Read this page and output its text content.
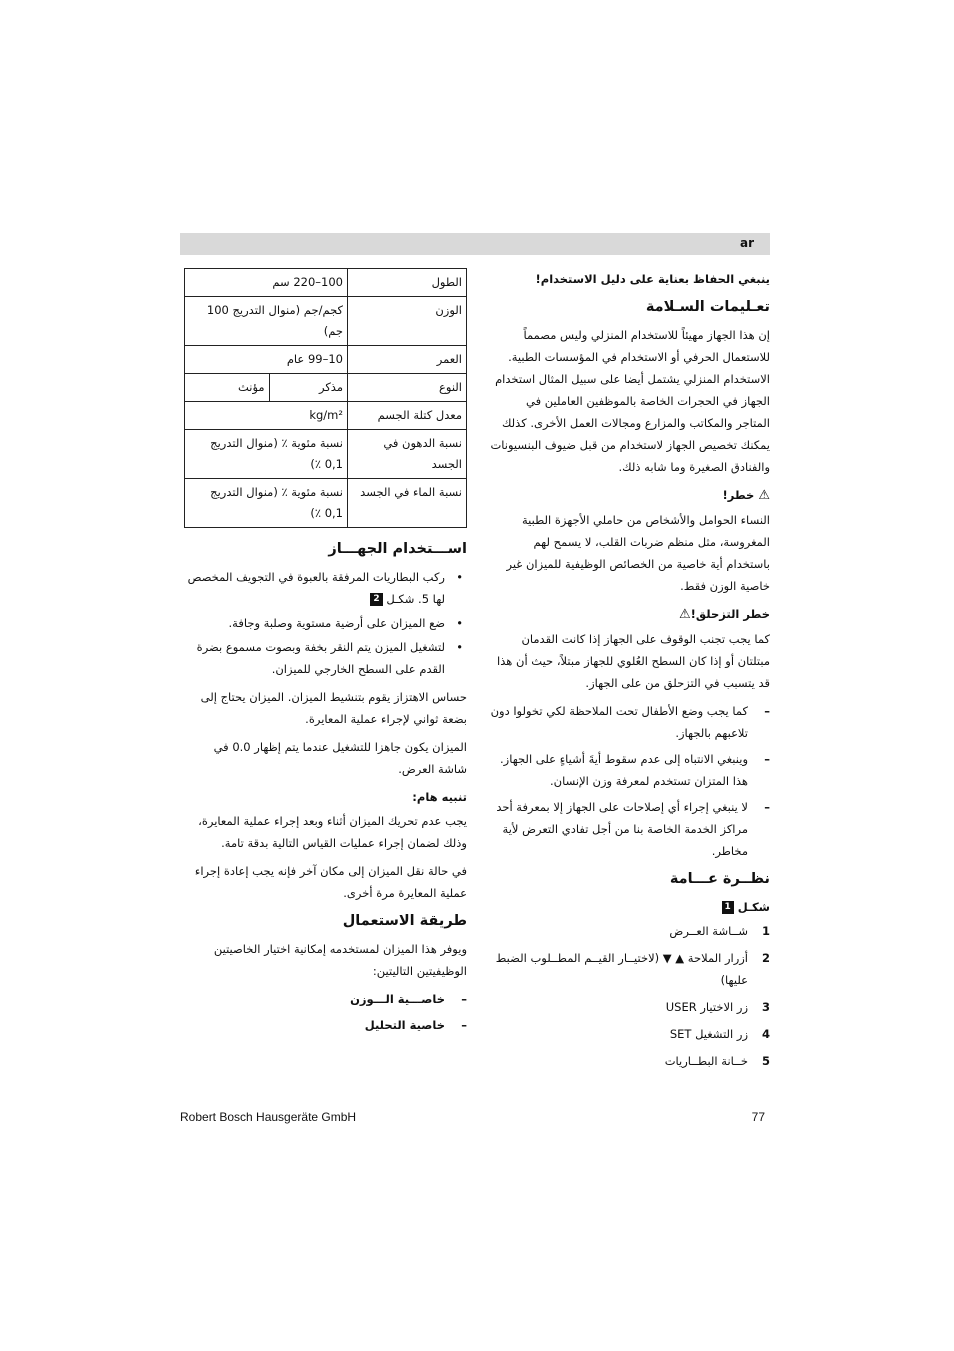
ar

ينبغي الحفاظ بعناية على دليل الاستخدام!

تعـليمات السـلامة

إن هذا الجهاز مهيئاً للاستخدام المنزلي وليس مصمماً للاستعمال الحرفي أو الاستخدام في المؤسسات الطبية. الاستخدام المنزلي يشتمل أيضا على سبيل المثال استخدام الجهاز في الحجرات الخاصة بالموظفين العاملين في المتاجر والمكاتب والمزارع ومجالات العمل الأخرى. كذلك يمكنك تخصيص الجهاز لاستخدام من قبل ضيوف البنسيونات والفنادق الصغيرة وما شابه ذلك.

⚠خطر!

النساء الحوامل والأشخاص من حاملي الأجهزة الطبية المغروسة، مثل منظم ضربات القلب، لا يسمح لهم باستخدام أية خاصية من الخصائص الوظيفية للميزان غير خاصية الوزن فقط.

خطر التزحلق!⚠

كما يجب تجنب الوقوف على الجهاز إذا كانت القدمان مبتلتان أو إذا كان السطح العُلوي للجهاز مبتلاً، حيث أن هذا قد يتسبب في التزحلق من على الجهاز.

–
كما يجب وضع الأطفال تحت الملاحظة لكي تخولوا دون تلاعبهم بالجهاز.
–
وينبغي الانتباه إلى عدم سقوط أيةَ أشياءٍ على الجهاز. هذا المتزان تستخدم لمعرفة وزن الإنسان.
–
لا ينبغي إجراء أي إصلاحات على الجهاز إلا بمعرفة أحد مراكز الخدمة الخاصة بنا من أجل تفادي التعرض لأية مخاطر.
نظــرة عـــامة
شكـل 1
1
شــاشة العــرض
2
أزرار الملاحة ▲ ▼ (لاختيــار القيــم المطــلوب الضبط عليها)
3
زر الاختيار USER
4
زر التشغيل SET
5
خــانة البطــاريات
الطول	100–220 سم	
الوزن	كجم/جم (منوال التدريج 100 جم)	
العمر	10–99 عام	
النوع	مذكر	مؤنث
معدل كتلة الجسم	kg/m²	
نسبة الدهون في الجسد	نسبة مئوية ٪ (منوال التدريج 0,1 ٪)	
نسبة الماء في الجسد	نسبة مئوية ٪ (منوال التدريج 0,1 ٪)	
اســـتخدام الجهـــاز
•
ركب البطاريات المرفقة بالعبوة في التجويف المخصص لها 5. شكـل 2
•
ضع الميزان على أرضية مستوية وصلبة وجافة.
•
لتشغيل الميزن يتم النقر بخفة وبصوت مسموع بضرة القدم على السطح الخارجي للميزان.

حساس الاهتزاز يقوم بتنشيط الميزان. الميزان يحتاج إلى بضعة ثواني لإجراء عملية المعايرة.

الميزان يكون جاهزا للتشغيل عندما يتم إظهار 0.0 في شاشة العرض.

تنبيه هام:

يجب عدم تحريك الميزان أثناء وبعد إجراء عملية المعايرة، وذلك لضمان إجراء عمليات القياس التالية بدقة تامة.

في حالة نقل الميزان إلى مكان آخر فإنه يجب إعادة إجراء عملية المعايرة مرة أخرى.

طريقة الاستعمال

ويوفر هذا الميزان لمستخدمه إمكانية اختيار الخاصيتين الوظيفيتين التاليتين:

–
خاصـــية الـــوزن
–
خاصية التحليل
Robert Bosch Hausgeräte GmbH	77
